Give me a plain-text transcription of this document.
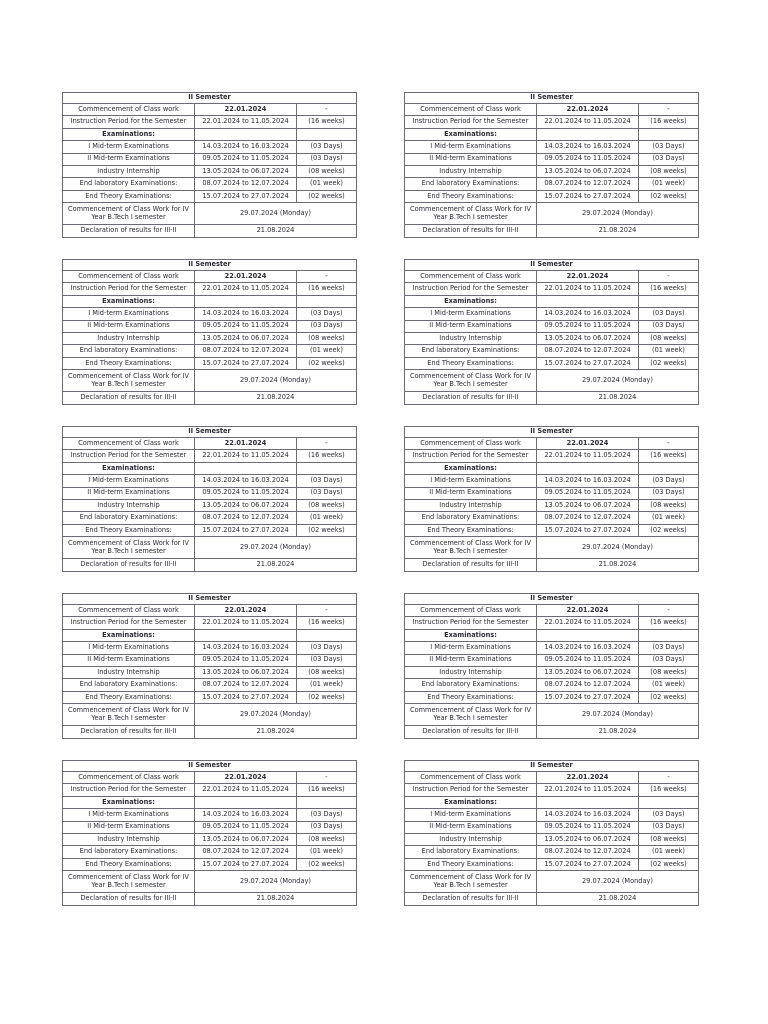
II Semester		
Commencement of Class work	22.01.2024	-
Instruction Period for the Semester	22.01.2024 to 11.05.2024	(16 weeks)
Examinations:		
I Mid-term Examinations	14.03.2024 to 16.03.2024	(03 Days)
II Mid-term Examinations	09.05.2024 to 11.05.2024	(03 Days)
Industry Internship	13.05.2024 to 06.07.2024	(08 weeks)
End laboratory Examinations:	08.07.2024 to 12.07.2024	(01 week)
End Theory Examinations:	15.07.2024 to 27.07.2024	(02 weeks)
Commencement of Class Work for IV Year B.Tech I semester	29.07.2024 (Monday)	
Declaration of results for III-II	21.08.2024	
II Semester		
Commencement of Class work	22.01.2024	-
Instruction Period for the Semester	22.01.2024 to 11.05.2024	(16 weeks)
Examinations:		
I Mid-term Examinations	14.03.2024 to 16.03.2024	(03 Days)
II Mid-term Examinations	09.05.2024 to 11.05.2024	(03 Days)
Industry Internship	13.05.2024 to 06.07.2024	(08 weeks)
End laboratory Examinations:	08.07.2024 to 12.07.2024	(01 week)
End Theory Examinations:	15.07.2024 to 27.07.2024	(02 weeks)
Commencement of Class Work for IV Year B.Tech I semester	29.07.2024 (Monday)	
Declaration of results for III-II	21.08.2024	
II Semester		
Commencement of Class work	22.01.2024	-
Instruction Period for the Semester	22.01.2024 to 11.05.2024	(16 weeks)
Examinations:		
I Mid-term Examinations	14.03.2024 to 16.03.2024	(03 Days)
II Mid-term Examinations	09.05.2024 to 11.05.2024	(03 Days)
Industry Internship	13.05.2024 to 06.07.2024	(08 weeks)
End laboratory Examinations:	08.07.2024 to 12.07.2024	(01 week)
End Theory Examinations:	15.07.2024 to 27.07.2024	(02 weeks)
Commencement of Class Work for IV Year B.Tech I semester	29.07.2024 (Monday)	
Declaration of results for III-II	21.08.2024	
II Semester		
Commencement of Class work	22.01.2024	-
Instruction Period for the Semester	22.01.2024 to 11.05.2024	(16 weeks)
Examinations:		
I Mid-term Examinations	14.03.2024 to 16.03.2024	(03 Days)
II Mid-term Examinations	09.05.2024 to 11.05.2024	(03 Days)
Industry Internship	13.05.2024 to 06.07.2024	(08 weeks)
End laboratory Examinations:	08.07.2024 to 12.07.2024	(01 week)
End Theory Examinations:	15.07.2024 to 27.07.2024	(02 weeks)
Commencement of Class Work for IV Year B.Tech I semester	29.07.2024 (Monday)	
Declaration of results for III-II	21.08.2024	
II Semester		
Commencement of Class work	22.01.2024	-
Instruction Period for the Semester	22.01.2024 to 11.05.2024	(16 weeks)
Examinations:		
I Mid-term Examinations	14.03.2024 to 16.03.2024	(03 Days)
II Mid-term Examinations	09.05.2024 to 11.05.2024	(03 Days)
Industry Internship	13.05.2024 to 06.07.2024	(08 weeks)
End laboratory Examinations:	08.07.2024 to 12.07.2024	(01 week)
End Theory Examinations:	15.07.2024 to 27.07.2024	(02 weeks)
Commencement of Class Work for IV Year B.Tech I semester	29.07.2024 (Monday)	
Declaration of results for III-II	21.08.2024	
II Semester		
Commencement of Class work	22.01.2024	-
Instruction Period for the Semester	22.01.2024 to 11.05.2024	(16 weeks)
Examinations:		
I Mid-term Examinations	14.03.2024 to 16.03.2024	(03 Days)
II Mid-term Examinations	09.05.2024 to 11.05.2024	(03 Days)
Industry Internship	13.05.2024 to 06.07.2024	(08 weeks)
End laboratory Examinations:	08.07.2024 to 12.07.2024	(01 week)
End Theory Examinations:	15.07.2024 to 27.07.2024	(02 weeks)
Commencement of Class Work for IV Year B.Tech I semester	29.07.2024 (Monday)	
Declaration of results for III-II	21.08.2024	
II Semester		
Commencement of Class work	22.01.2024	-
Instruction Period for the Semester	22.01.2024 to 11.05.2024	(16 weeks)
Examinations:		
I Mid-term Examinations	14.03.2024 to 16.03.2024	(03 Days)
II Mid-term Examinations	09.05.2024 to 11.05.2024	(03 Days)
Industry Internship	13.05.2024 to 06.07.2024	(08 weeks)
End laboratory Examinations:	08.07.2024 to 12.07.2024	(01 week)
End Theory Examinations:	15.07.2024 to 27.07.2024	(02 weeks)
Commencement of Class Work for IV Year B.Tech I semester	29.07.2024 (Monday)	
Declaration of results for III-II	21.08.2024	
II Semester		
Commencement of Class work	22.01.2024	-
Instruction Period for the Semester	22.01.2024 to 11.05.2024	(16 weeks)
Examinations:		
I Mid-term Examinations	14.03.2024 to 16.03.2024	(03 Days)
II Mid-term Examinations	09.05.2024 to 11.05.2024	(03 Days)
Industry Internship	13.05.2024 to 06.07.2024	(08 weeks)
End laboratory Examinations:	08.07.2024 to 12.07.2024	(01 week)
End Theory Examinations:	15.07.2024 to 27.07.2024	(02 weeks)
Commencement of Class Work for IV Year B.Tech I semester	29.07.2024 (Monday)	
Declaration of results for III-II	21.08.2024	
II Semester		
Commencement of Class work	22.01.2024	-
Instruction Period for the Semester	22.01.2024 to 11.05.2024	(16 weeks)
Examinations:		
I Mid-term Examinations	14.03.2024 to 16.03.2024	(03 Days)
II Mid-term Examinations	09.05.2024 to 11.05.2024	(03 Days)
Industry Internship	13.05.2024 to 06.07.2024	(08 weeks)
End laboratory Examinations:	08.07.2024 to 12.07.2024	(01 week)
End Theory Examinations:	15.07.2024 to 27.07.2024	(02 weeks)
Commencement of Class Work for IV Year B.Tech I semester	29.07.2024 (Monday)	
Declaration of results for III-II	21.08.2024	
II Semester		
Commencement of Class work	22.01.2024	-
Instruction Period for the Semester	22.01.2024 to 11.05.2024	(16 weeks)
Examinations:		
I Mid-term Examinations	14.03.2024 to 16.03.2024	(03 Days)
II Mid-term Examinations	09.05.2024 to 11.05.2024	(03 Days)
Industry Internship	13.05.2024 to 06.07.2024	(08 weeks)
End laboratory Examinations:	08.07.2024 to 12.07.2024	(01 week)
End Theory Examinations:	15.07.2024 to 27.07.2024	(02 weeks)
Commencement of Class Work for IV Year B.Tech I semester	29.07.2024 (Monday)	
Declaration of results for III-II	21.08.2024	
